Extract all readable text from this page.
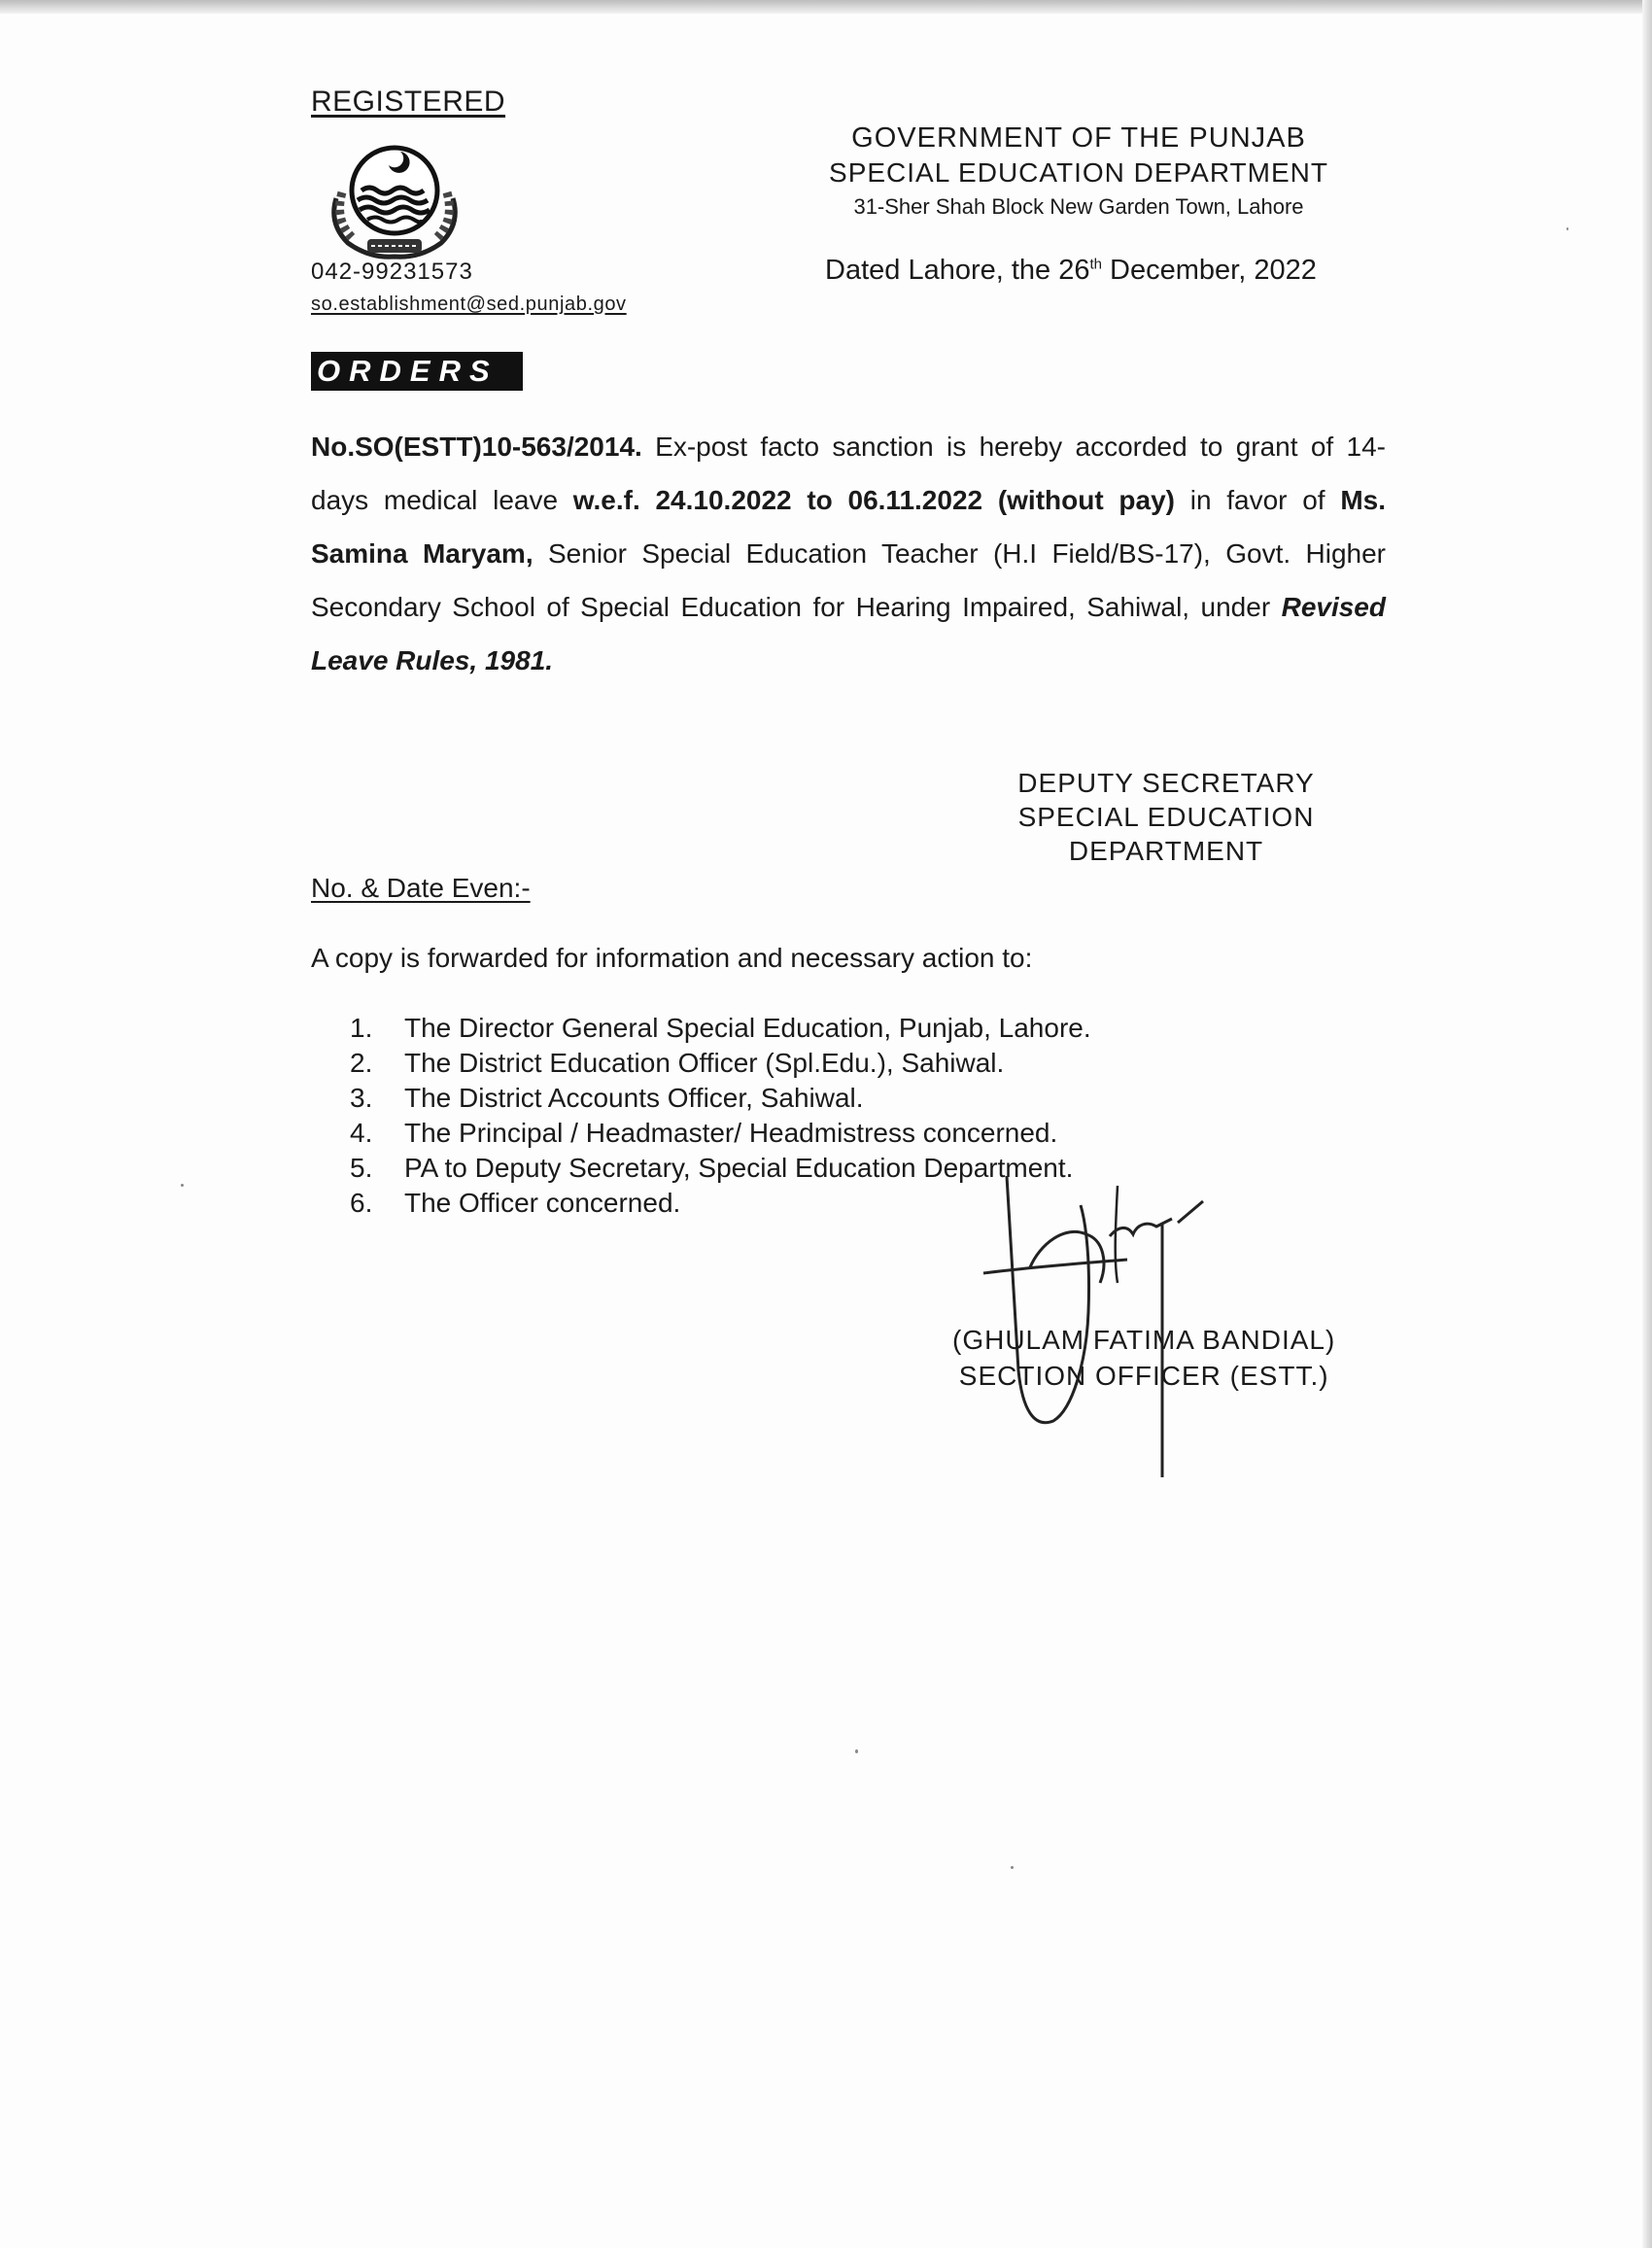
REGISTERED
042-99231573
so.establishment@sed.punjab.gov
GOVERNMENT OF THE PUNJAB
SPECIAL EDUCATION DEPARTMENT
31-Sher Shah Block New Garden Town, Lahore
Dated Lahore, the 26th December, 2022
ORDERS
No.SO(ESTT)10-563/2014. Ex-post facto sanction is hereby accorded to grant of 14-days medical leave w.e.f. 24.10.2022 to 06.11.2022 (without pay) in favor of Ms. Samina Maryam, Senior Special Education Teacher (H.I Field/BS-17), Govt. Higher Secondary School of Special Education for Hearing Impaired, Sahiwal, under Revised Leave Rules, 1981.
DEPUTY SECRETARY
SPECIAL EDUCATION
DEPARTMENT
No. & Date Even:-
A copy is forwarded for information and necessary action to:
1.	The Director General Special Education, Punjab, Lahore.
2.	The District Education Officer (Spl.Edu.), Sahiwal.
3.	The District Accounts Officer, Sahiwal.
4.	The Principal / Headmaster/ Headmistress concerned.
5.	PA to Deputy Secretary, Special Education Department.
6.	The Officer concerned.
(GHULAM FATIMA BANDIAL)
SECTION OFFICER (ESTT.)
